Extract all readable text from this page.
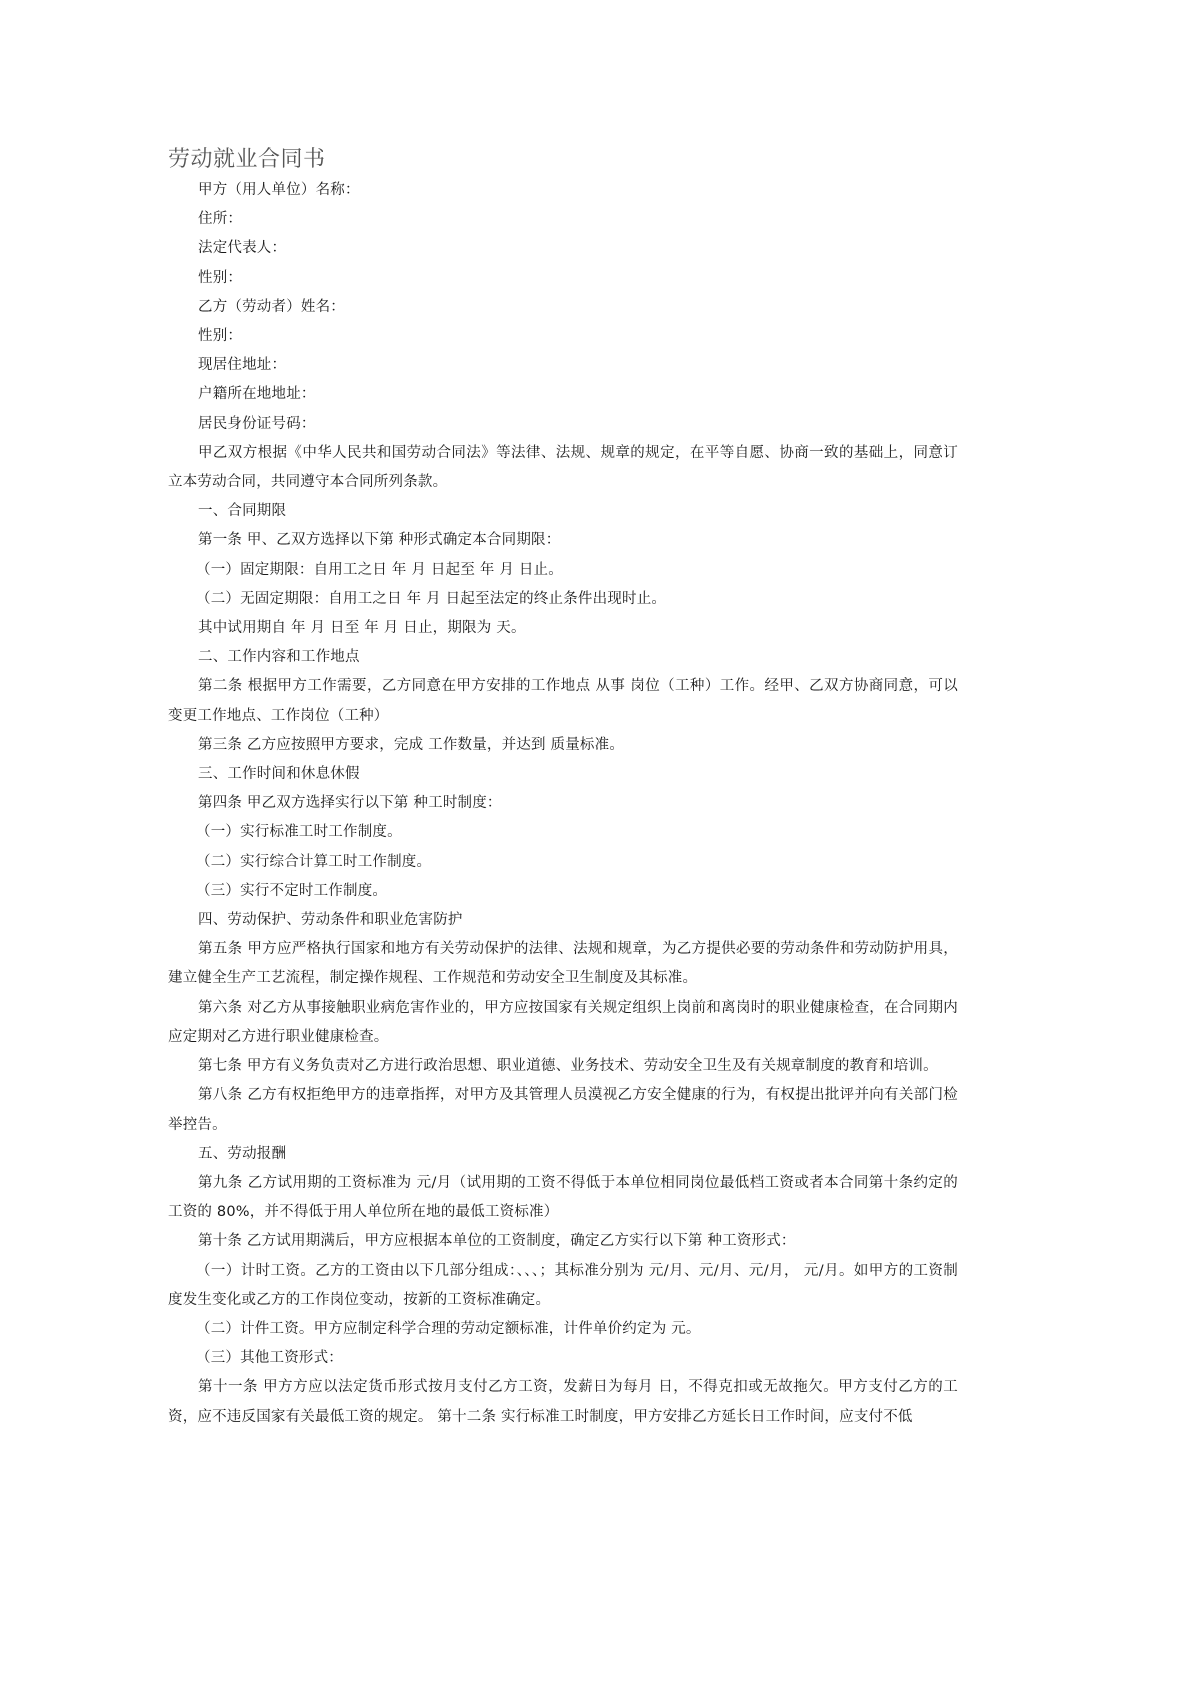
劳动就业合同书

甲方（用人单位）名称：

住所：

法定代表人：

性别：

乙方（劳动者）姓名：

性别：

现居住地址：

户籍所在地地址：

居民身份证号码：

甲乙双方根据《中华人民共和国劳动合同法》等法律、法规、规章的规定，在平等自愿、协商一致的基础上，同意订立本劳动合同，共同遵守本合同所列条款。

一、合同期限

第一条 甲、乙双方选择以下第 种形式确定本合同期限：

（一）固定期限：自用工之日 年 月 日起至 年 月 日止。

（二）无固定期限：自用工之日 年 月 日起至法定的终止条件出现时止。

其中试用期自 年 月 日至 年 月 日止，期限为 天。

二、工作内容和工作地点

第二条 根据甲方工作需要，乙方同意在甲方安排的工作地点 从事 岗位（工种）工作。经甲、乙双方协商同意，可以变更工作地点、工作岗位（工种）

第三条 乙方应按照甲方要求，完成 工作数量，并达到 质量标准。

三、工作时间和休息休假

第四条 甲乙双方选择实行以下第 种工时制度：

（一）实行标准工时工作制度。

（二）实行综合计算工时工作制度。

（三）实行不定时工作制度。

四、劳动保护、劳动条件和职业危害防护

第五条 甲方应严格执行国家和地方有关劳动保护的法律、法规和规章，为乙方提供必要的劳动条件和劳动防护用具，建立健全生产工艺流程，制定操作规程、工作规范和劳动安全卫生制度及其标准。

第六条 对乙方从事接触职业病危害作业的，甲方应按国家有关规定组织上岗前和离岗时的职业健康检查，在合同期内应定期对乙方进行职业健康检查。

第七条 甲方有义务负责对乙方进行政治思想、职业道德、业务技术、劳动安全卫生及有关规章制度的教育和培训。

第八条 乙方有权拒绝甲方的违章指挥，对甲方及其管理人员漠视乙方安全健康的行为，有权提出批评并向有关部门检举控告。

五、劳动报酬

第九条 乙方试用期的工资标准为 元/月（试用期的工资不得低于本单位相同岗位最低档工资或者本合同第十条约定的工资的 80%，并不得低于用人单位所在地的最低工资标准）

第十条 乙方试用期满后，甲方应根据本单位的工资制度，确定乙方实行以下第 种工资形式：

（一）计时工资。乙方的工资由以下几部分组成：、、、；其标准分别为 元/月、元/月、元/月， 元/月。如甲方的工资制度发生变化或乙方的工作岗位变动，按新的工资标准确定。

（二）计件工资。甲方应制定科学合理的劳动定额标准，计件单价约定为 元。

（三）其他工资形式：

第十一条 甲方方应以法定货币形式按月支付乙方工资，发薪日为每月 日，不得克扣或无故拖欠。甲方支付乙方的工资，应不违反国家有关最低工资的规定。 第十二条 实行标准工时制度，甲方安排乙方延长日工作时间，应支付不低
